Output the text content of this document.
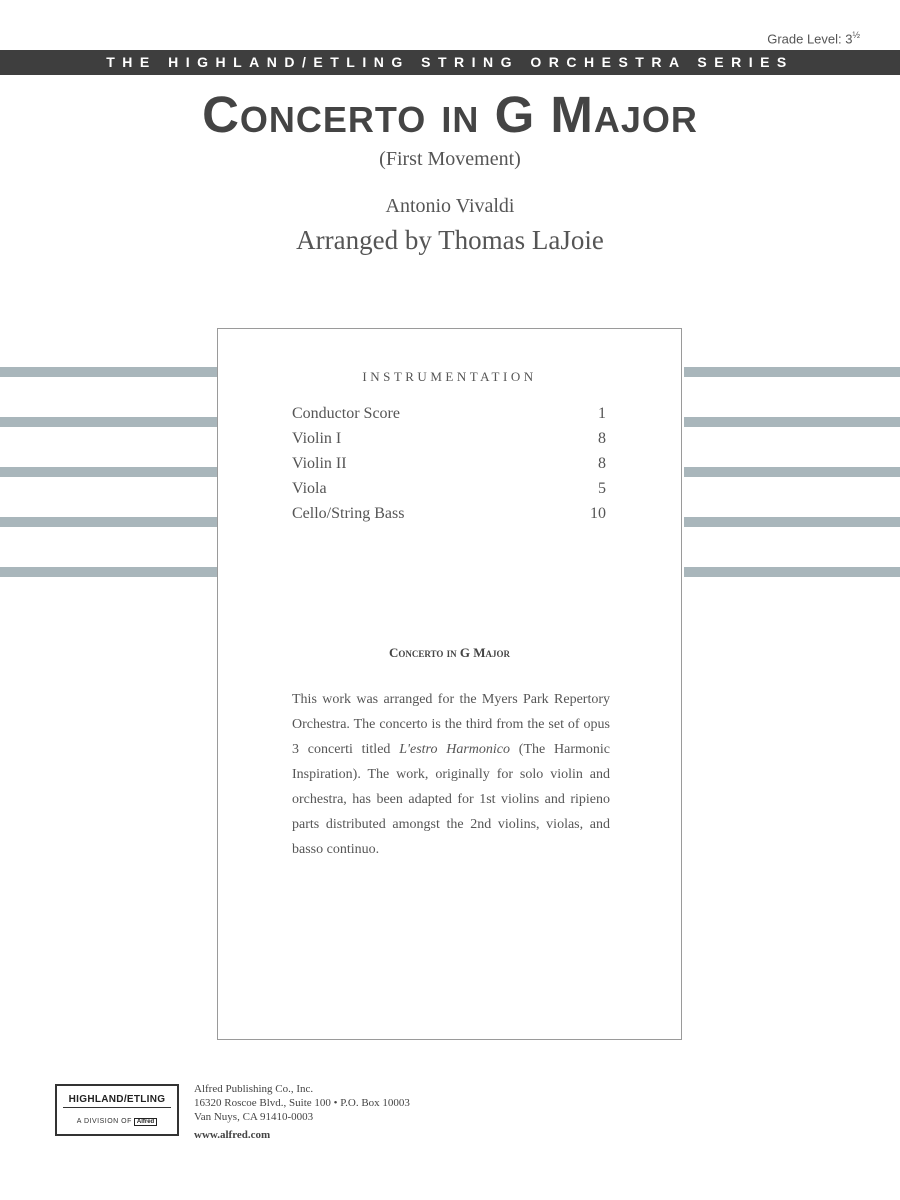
Grade Level: $3^{\frac{1}{2}}$
THE HIGHLAND/ETLING STRING ORCHESTRA SERIES
Concerto in G Major
(First Movement)
Antonio Vivaldi
Arranged by Thomas LaJoie
INSTRUMENTATION
Conductor Score	1
Violin I	8
Violin II	8
Viola	5
Cello/String Bass	10
Concerto in G Major
This work was arranged for the Myers Park Repertory Orchestra. The concerto is the third from the set of opus 3 concerti titled L'estro Harmonico (The Harmonic Inspiration). The work, originally for solo violin and orchestra, has been adapted for 1st violins and ripieno parts distributed amongst the 2nd violins, violas, and basso continuo.
HIGHLAND/ETLING
A DIVISION OF Alfred
Alfred Publishing Co., Inc.
16320 Roscoe Blvd., Suite 100 • P.O. Box 10003
Van Nuys, CA 91410-0003
www.alfred.com
